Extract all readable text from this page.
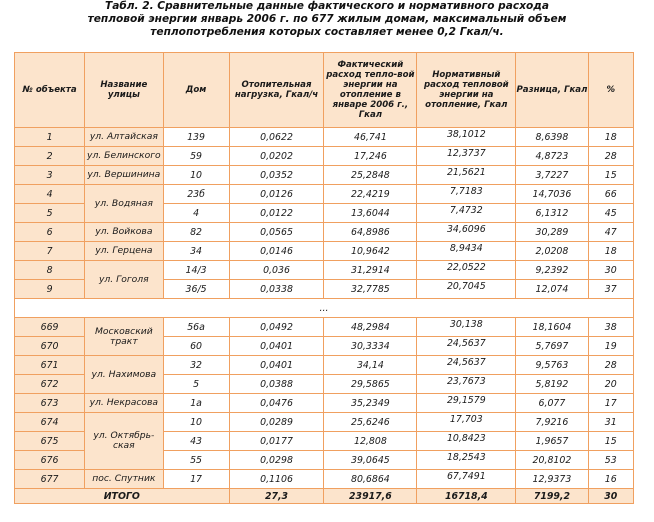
Табл. 2. Сравнительные данные фактического и нормативного расхода
тепловой энергии январь 2006 г. по 677 жилым домам, максимальный объем
теплопотребления которых составляет менее 0,2 Гкал/ч.
№ объекта	Название улицы	Дом	Отопительная нагрузка, Гкал/ч	Фактический расход тепло-вой энергии на отопление в январе 2006 г., Гкал	Нормативный расход тепловой энергии на отопление, Гкал	Разница, Гкал	%
1	ул. Алтайская	139	0,0622	46,741	38,1012	8,6398	18
2	ул. Белинского	59	0,0202	17,246	12,3737	4,8723	28
3	ул. Вершинина	10	0,0352	25,2848	21,5621	3,7227	15
4	ул. Водяная	23б	0,0126	22,4219	7,7183	14,7036	66
5		4	0,0122	13,6044	7,4732	6,1312	45
6	ул. Войкова	82	0,0565	64,8986	34,6096	30,289	47
7	ул. Герцена	34	0,0146	10,9642	8,9434	2,0208	18
8	ул. Гоголя	14/3	0,036	31,2914	22,0522	9,2392	30
9		36/5	0,0338	32,7785	20,7045	12,074	37
...							
669	Московский тракт	56а	0,0492	48,2984	30,138	18,1604	38
670		60	0,0401	30,3334	24,5637	5,7697	19
671	ул. Нахимова	32	0,0401	34,14	24,5637	9,5763	28
672		5	0,0388	29,5865	23,7673	5,8192	20
673	ул. Некрасова	1а	0,0476	35,2349	29,1579	6,077	17
674	ул. Октябрь-ская	10	0,0289	25,6246	17,703	7,9216	31
675		43	0,0177	12,808	10,8423	1,9657	15
676		55	0,0298	39,0645	18,2543	20,8102	53
677	пос. Спутник	17	0,1106	80,6864	67,7491	12,9373	16
ИТОГО			27,3	23917,6	16718,4	7199,2	30
